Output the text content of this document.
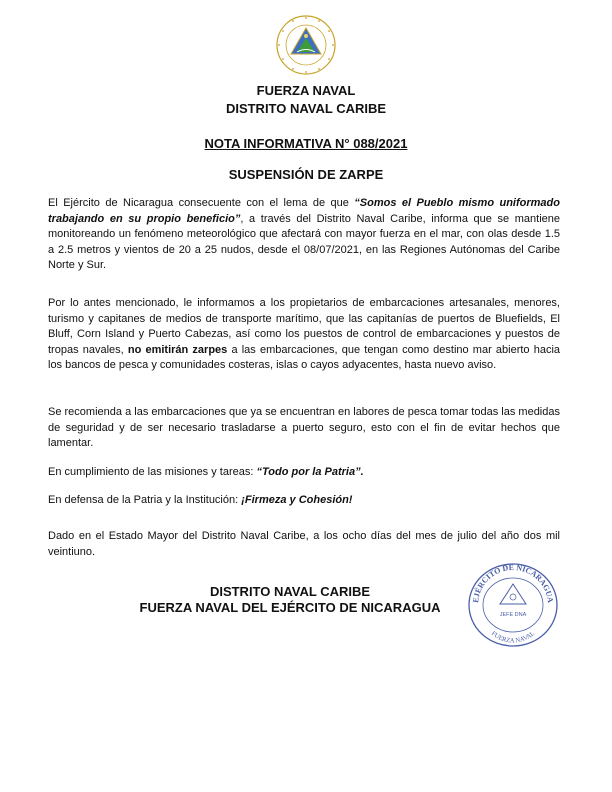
FUERZA NAVAL
DISTRITO NAVAL CARIBE
NOTA INFORMATIVA N° 088/2021
SUSPENSIÓN DE ZARPE

El Ejército de Nicaragua consecuente con el lema de que “Somos el Pueblo mismo uniformado trabajando en su propio beneficio”, a través del Distrito Naval Caribe, informa que se mantiene monitoreando un fenómeno meteorológico que afectará con mayor fuerza en el mar, con olas desde 1.5 a 2.5 metros y vientos de 20 a 25 nudos, desde el 08/07/2021, en las Regiones Autónomas del Caribe Norte y Sur.

Por lo antes mencionado, le informamos a los propietarios de embarcaciones artesanales, menores, turismo y capitanes de medios de transporte marítimo, que las capitanías de puertos de Bluefields, El Bluff, Corn Island y Puerto Cabezas, así como los puestos de control de embarcaciones y puestos de tropas navales, no emitirán zarpes a las embarcaciones, que tengan como destino mar abierto hacia los bancos de pesca y comunidades costeras, islas o cayos adyacentes, hasta nuevo aviso.

Se recomienda a las embarcaciones que ya se encuentran en labores de pesca tomar todas las medidas de seguridad y de ser necesario trasladarse a puerto seguro, esto con el fin de evitar hechos que lamentar.

En cumplimiento de las misiones y tareas: “Todo por la Patria”.

En defensa de la Patria y la Institución: ¡Firmeza y Cohesión!

Dado en el Estado Mayor del Distrito Naval Caribe, a los ocho días del mes de julio del año dos mil veintiuno.

DISTRITO NAVAL CARIBE
FUERZA NAVAL DEL EJÉRCITO DE NICARAGUA	EJÉRCITO DE NICARAGUA
JEFE DNA
FUERZA NAVAL
